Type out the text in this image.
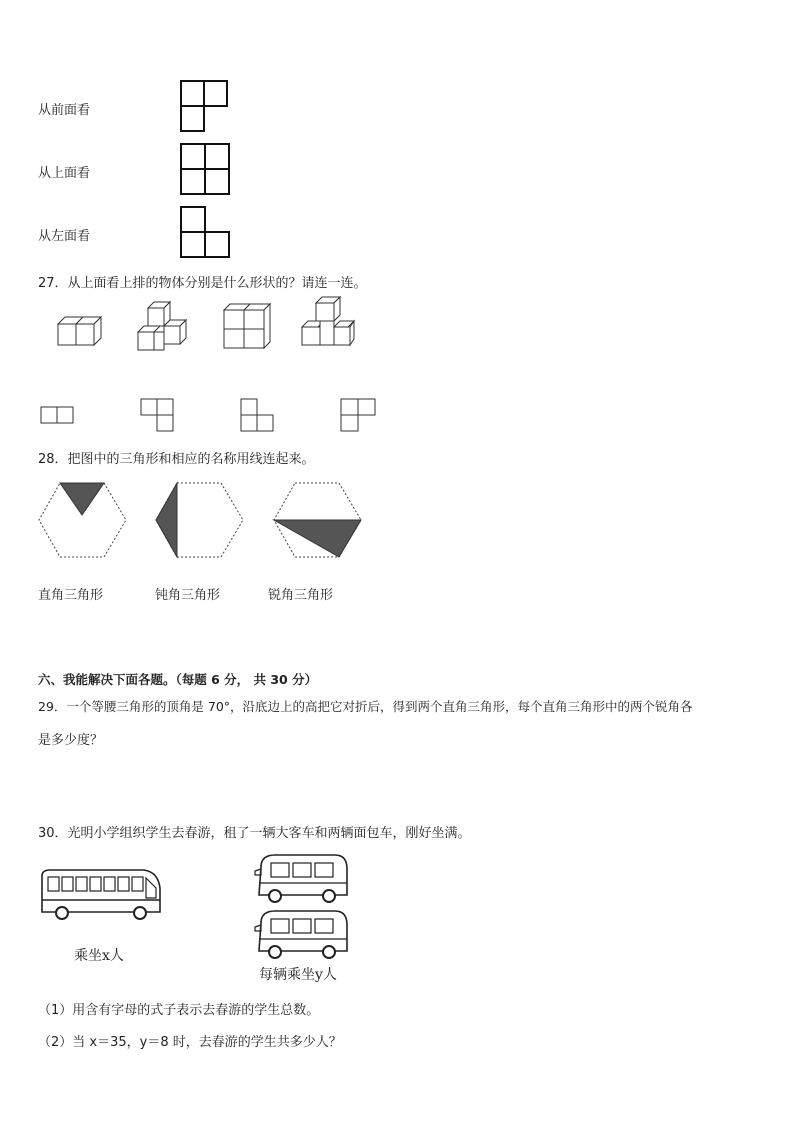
从前面看
从上面看
从左面看
27．从上面看上排的物体分别是什么形状的？请连一连。
28．把图中的三角形和相应的名称用线连起来。
直角三角形	钝角三角形	锐角三角形
六、我能解决下面各题。（每题 6 分， 共 30 分）
29．一个等腰三角形的顶角是 70°，沿底边上的高把它对折后，得到两个直角三角形，每个直角三角形中的两个锐角各
是多少度？
30．光明小学组织学生去春游，租了一辆大客车和两辆面包车，刚好坐满。
乘坐x人
每辆乘坐y人
（1）用含有字母的式子表示去春游的学生总数。
（2）当 x＝35，y＝8 时，去春游的学生共多少人？
